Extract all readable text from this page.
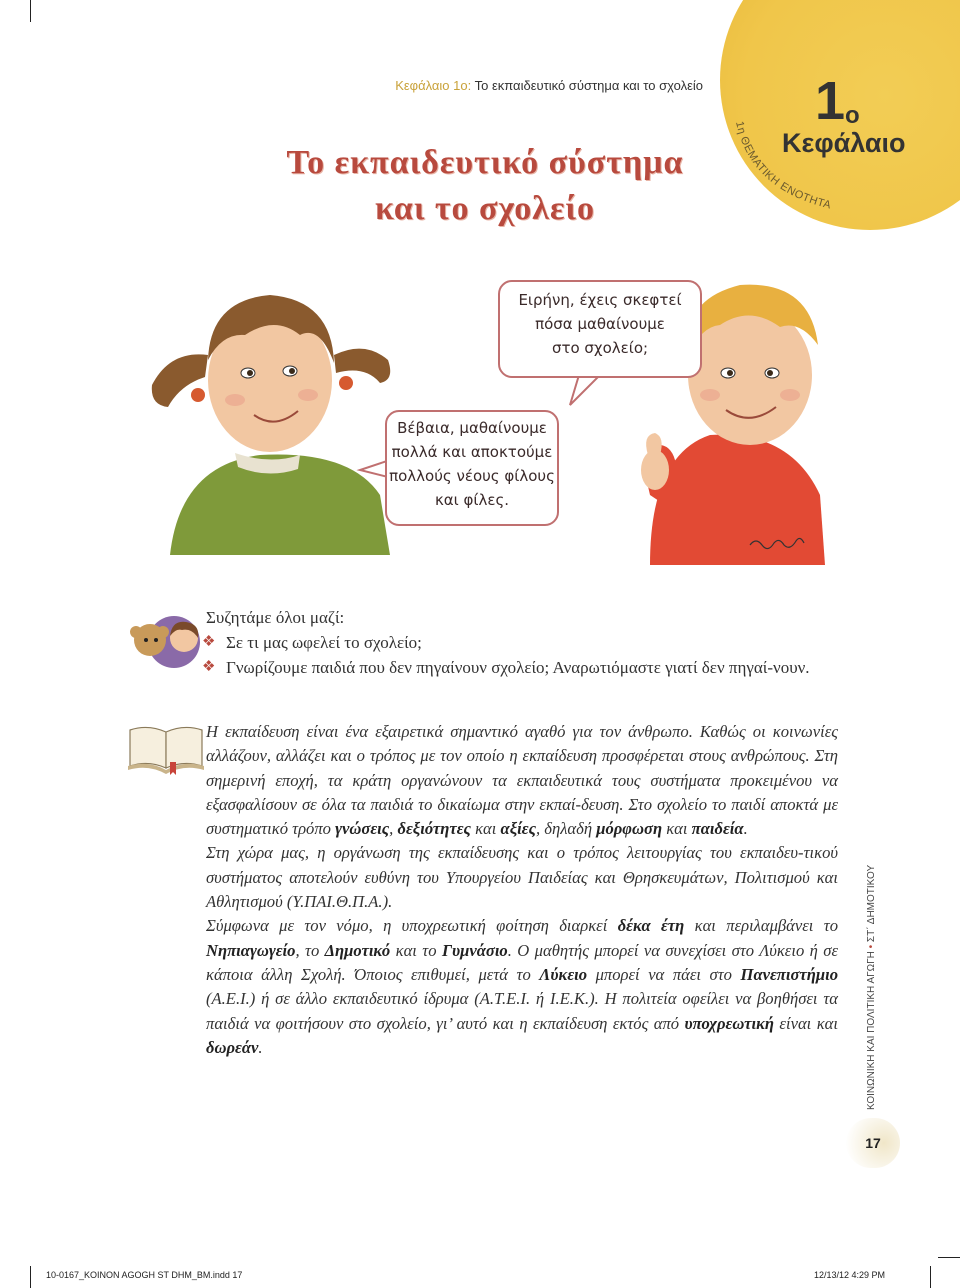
$1_o$
Κεφάλαιο
1η ΘΕΜΑΤΙΚΗ ΕΝΟΤΗΤΑ
Κεφάλαιο 1ο: Το εκπαιδευτικό σύστημα και το σχολείο
Το εκπαιδευτικό σύστημα
και το σχολείο
Ειρήνη, έχεις σκεφτεί
πόσα μαθαίνουμε
στο σχολείο;
Βέβαια, μαθαίνουμε
πολλά και αποκτούμε
πολλούς νέους φίλους
και φίλες.
Συζητάμε όλοι μαζί:
❖ Σε τι μας ωφελεί το σχολείο;
❖ Γνωρίζουμε παιδιά που δεν πηγαίνουν σχολείο; Αναρωτιόμαστε γιατί δεν πηγαί-νουν.

Η εκπαίδευση είναι ένα εξαιρετικά σημαντικό αγαθό για τον άνθρωπο. Καθώς οι κοινωνίες αλλάζουν, αλλάζει και ο τρόπος με τον οποίο η εκπαίδευση προσφέρεται στους ανθρώπους. Στη σημερινή εποχή, τα κράτη οργανώνουν τα εκπαιδευτικά τους συστήματα προκειμένου να εξασφαλίσουν σε όλα τα παιδιά το δικαίωμα στην εκπαί-δευση. Στο σχολείο το παιδί αποκτά με συστηματικό τρόπο γνώσεις, δεξιότητες και αξίες, δηλαδή μόρφωση και παιδεία.

Στη χώρα μας, η οργάνωση της εκπαίδευσης και ο τρόπος λειτουργίας του εκπαιδευ-τικού συστήματος αποτελούν ευθύνη του Υπουργείου Παιδείας και Θρησκευμάτων, Πολιτισμού και Αθλητισμού (Υ.ΠΑΙ.Θ.Π.Α.).

Σύμφωνα με τον νόμο, η υποχρεωτική φοίτηση διαρκεί δέκα έτη και περιλαμβάνει το Νηπιαγωγείο, το Δημοτικό και το Γυμνάσιο. Ο μαθητής μπορεί να συνεχίσει στο Λύκειο ή σε κάποια άλλη Σχολή. Όποιος επιθυμεί, μετά το Λύκειο μπορεί να πάει στο Πανεπιστήμιο (Α.Ε.Ι.) ή σε άλλο εκπαιδευτικό ίδρυμα (Α.Τ.Ε.Ι. ή Ι.Ε.Κ.). Η πολιτεία οφείλει να βοηθήσει τα παιδιά να φοιτήσουν στο σχολείο, γι’ αυτό και η εκπαίδευση εκτός από υποχρεωτική είναι και δωρεάν.	ΚΟΙΝΩΝΙΚΗ ΚΑΙ ΠΟΛΙΤΙΚΗ ΑΓΩΓΗ • ΣΤ΄ ΔΗΜΟΤΙΚΟΥ
17
10-0167_KOINON AGOGH ST DHM_BM.indd 17	12/13/12 4:29 PM
